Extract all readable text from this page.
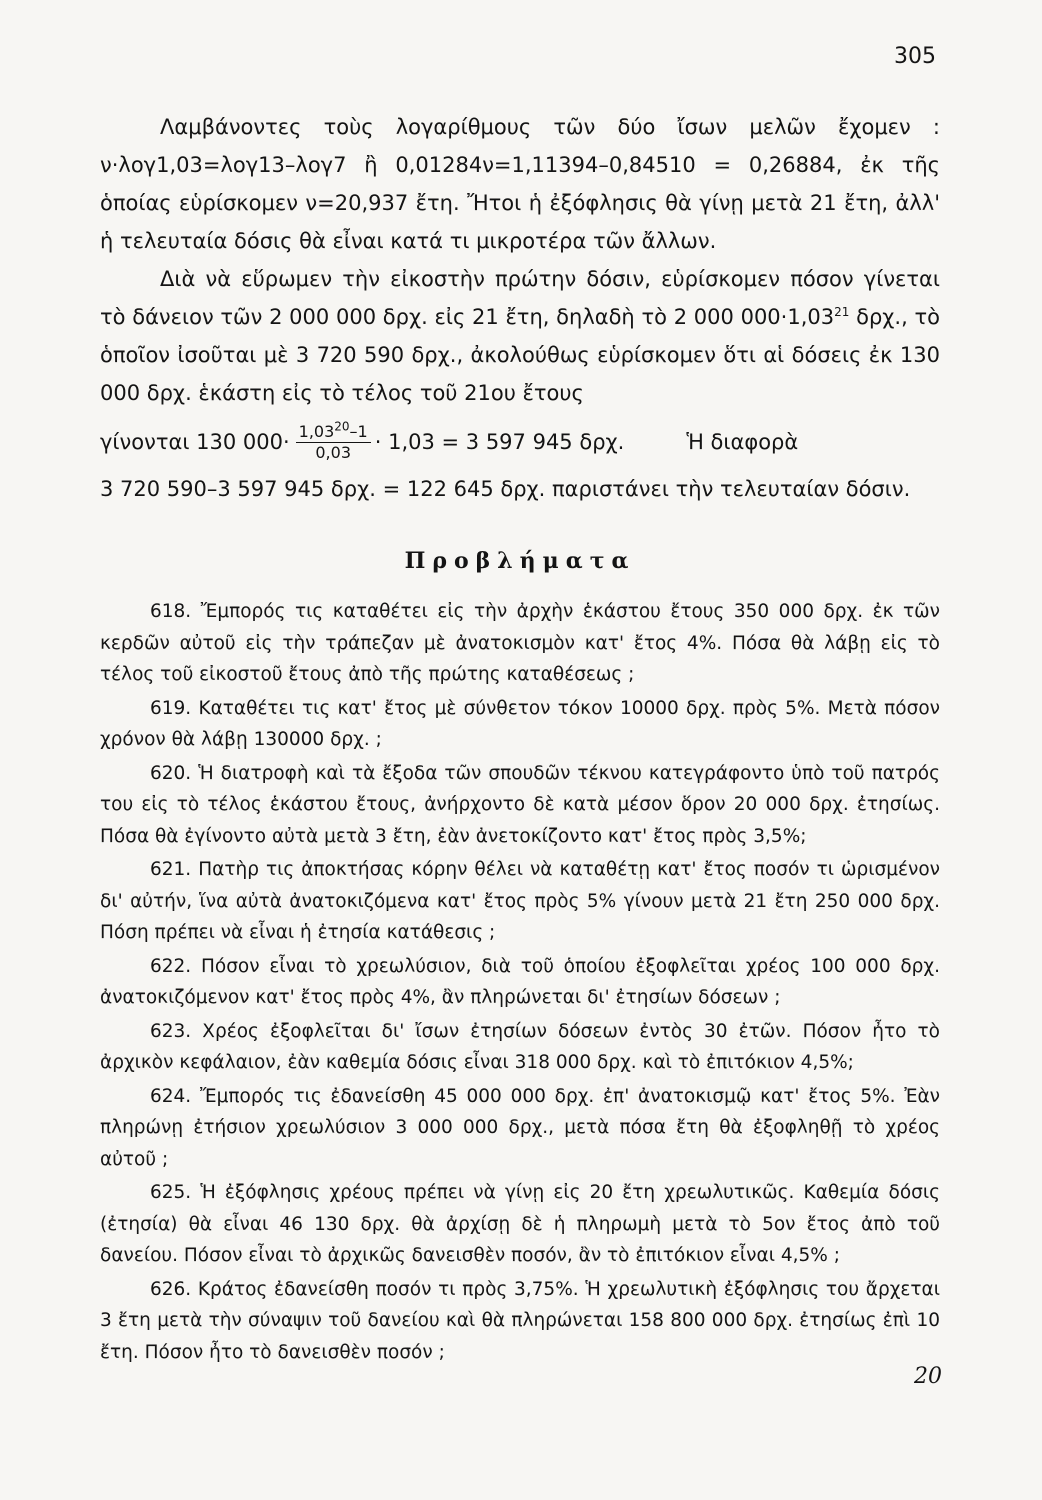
305

Λαμβάνοντες τοὺς λογαρίθμους τῶν δύο ἴσων μελῶν ἔχομεν : ν·λογ1,03=λογ13–λογ7 ἢ 0,01284ν=1,11394–0,84510 = 0,26884, ἐκ τῆς ὁποίας εὑρίσκομεν ν=20,937 ἔτη. Ἤτοι ἡ ἐξόφλησις θὰ γίνῃ μετὰ 21 ἔτη, ἀλλ' ἡ τελευταία δόσις θὰ εἶναι κατά τι μικροτέρα τῶν ἄλλων.

Διὰ νὰ εὕρωμεν τὴν εἰκοστὴν πρώτην δόσιν, εὑρίσκομεν πόσον γίνεται τὸ δάνειον τῶν 2 000 000 δρχ. εἰς 21 ἔτη, δηλαδὴ τὸ 2 000 $000\cdot 1,03^{21}$ δρχ., τὸ ὁποῖον ἰσοῦται μὲ 3 720 590 δρχ., ἀκολούθως εὑρίσκομεν ὅτι αἱ δόσεις ἐκ 130 000 δρχ. ἑκάστη εἰς τὸ τέλος τοῦ 21ου ἔτους

γίνονται 130 $000\cdot \frac{1,03^{20}-1}{0,03} \cdot 1,03 = 3$ 597 945 δρχ.	Ἡ διαφορὰ

3 720 590–3 597 945 δρχ. = 122 645 δρχ. παριστάνει τὴν τελευταίαν δόσιν.

Προβλήματα

618. Ἔμπορός τις καταθέτει εἰς τὴν ἀρχὴν ἑκάστου ἔτους 350 000 δρχ. ἐκ τῶν κερδῶν αὐτοῦ εἰς τὴν τράπεζαν μὲ ἀνατοκισμὸν κατ' ἔτος 4%. Πόσα θὰ λάβῃ εἰς τὸ τέλος τοῦ εἰκοστοῦ ἔτους ἀπὸ τῆς πρώτης καταθέσεως ;

619. Καταθέτει τις κατ' ἔτος μὲ σύνθετον τόκον 10000 δρχ. πρὸς 5%. Μετὰ πόσον χρόνον θὰ λάβῃ 130000 δρχ. ;

620. Ἡ διατροφὴ καὶ τὰ ἔξοδα τῶν σπουδῶν τέκνου κατεγράφοντο ὑπὸ τοῦ πατρός του εἰς τὸ τέλος ἑκάστου ἔτους, ἀνήρχοντο δὲ κατὰ μέσον ὅρον 20 000 δρχ. ἐτησίως. Πόσα θὰ ἐγίνοντο αὐτὰ μετὰ 3 ἔτη, ἐὰν ἀνετοκίζοντο κατ' ἔτος πρὸς 3,5%;

621. Πατὴρ τις ἀποκτήσας κόρην θέλει νὰ καταθέτῃ κατ' ἔτος ποσόν τι ὡρισμένον δι' αὐτήν, ἵνα αὐτὰ ἀνατοκιζόμενα κατ' ἔτος πρὸς 5% γίνουν μετὰ 21 ἔτη 250 000 δρχ. Πόση πρέπει νὰ εἶναι ἡ ἐτησία κατάθεσις ;

622. Πόσον εἶναι τὸ χρεωλύσιον, διὰ τοῦ ὁποίου ἐξοφλεῖται χρέος 100 000 δρχ. ἀνατοκιζόμενον κατ' ἔτος πρὸς 4%, ἂν πληρώνεται δι' ἐτησίων δόσεων ;

623. Χρέος ἐξοφλεῖται δι' ἴσων ἐτησίων δόσεων ἐντὸς 30 ἐτῶν. Πόσον ἦτο τὸ ἀρχικὸν κεφάλαιον, ἐὰν καθεμία δόσις εἶναι 318 000 δρχ. καὶ τὸ ἐπιτόκιον 4,5%;

624. Ἔμπορός τις ἐδανείσθη 45 000 000 δρχ. ἐπ' ἀνατοκισμῷ κατ' ἔτος 5%. Ἐὰν πληρώνῃ ἐτήσιον χρεωλύσιον 3 000 000 δρχ., μετὰ πόσα ἔτη θὰ ἐξοφληθῇ τὸ χρέος αὐτοῦ ;

625. Ἡ ἐξόφλησις χρέους πρέπει νὰ γίνῃ εἰς 20 ἔτη χρεωλυτικῶς. Καθεμία δόσις (ἐτησία) θὰ εἶναι 46 130 δρχ. θὰ ἀρχίσῃ δὲ ἡ πληρωμὴ μετὰ τὸ 5ον ἔτος ἀπὸ τοῦ δανείου. Πόσον εἶναι τὸ ἀρχικῶς δανεισθὲν ποσόν, ἂν τὸ ἐπιτόκιον εἶναι 4,5% ;

626. Κράτος ἐδανείσθη ποσόν τι πρὸς 3,75%. Ἡ χρεωλυτικὴ ἐξόφλησις του ἄρχεται 3 ἔτη μετὰ τὴν σύναψιν τοῦ δανείου καὶ θὰ πληρώνεται 158 800 000 δρχ. ἐτησίως ἐπὶ 10 ἔτη. Πόσον ἦτο τὸ δανεισθὲν ποσόν ;

20
